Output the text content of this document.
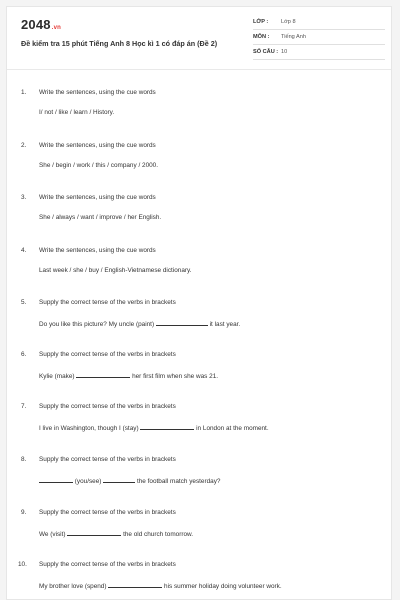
2048.vn
Đề kiểm tra 15 phút Tiếng Anh 8 Học kì 1 có đáp án (Đề 2)
LỚP :	Lớp 8
MÔN :	Tiếng Anh
SỐ CÂU : 10
1.	Write the sentences, using the cue words
I/ not / like / learn / History.
2.	Write the sentences, using the cue words
She / begin / work / this / company / 2000.
3.	Write the sentences, using the cue words
She / always / want / improve / her English.
4.	Write the sentences, using the cue words
Last week / she / buy / English-Vietnamese dictionary.
5.	Supply the correct tense of the verbs in brackets
Do you like this picture? My uncle (paint)	it last year.
6.	Supply the correct tense of the verbs in brackets
Kylie (make)	her first film when she was 21.
7.	Supply the correct tense of the verbs in brackets
I live in Washington, though I (stay)	in London at the moment.
8.	Supply the correct tense of the verbs in brackets
(you/see)	the football match yesterday?
9.	Supply the correct tense of the verbs in brackets
We (visit)	the old church tomorrow.
10.	Supply the correct tense of the verbs in brackets
My brother love (spend)	his summer holiday doing volunteer work.
